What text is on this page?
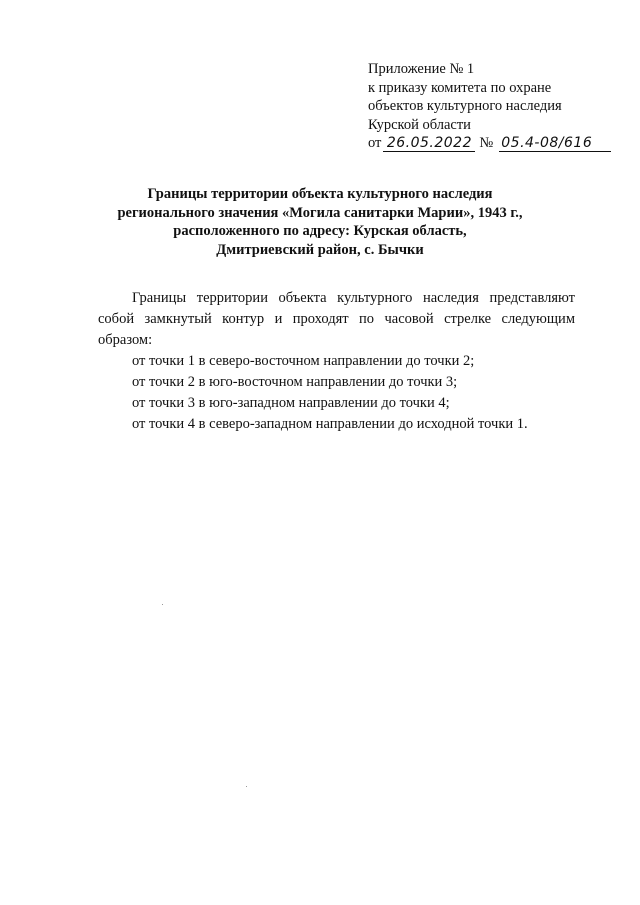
Приложение № 1
к приказу комитета по охране
объектов культурного наследия
Курской области
от 26.05.2022 № 05.4-08/616
Границы территории объекта культурного наследия
регионального значения «Могила санитарки Марии», 1943 г.,
расположенного по адресу: Курская область,
Дмитриевский район, с. Бычки
Границы территории объекта культурного наследия представляют собой замкнутый контур и проходят по часовой стрелке следующим образом:
от точки 1 в северо-восточном направлении до точки 2;
от точки 2 в юго-восточном направлении до точки 3;
от точки 3 в юго-западном направлении до точки 4;
от точки 4 в северо-западном направлении до исходной точки 1.
